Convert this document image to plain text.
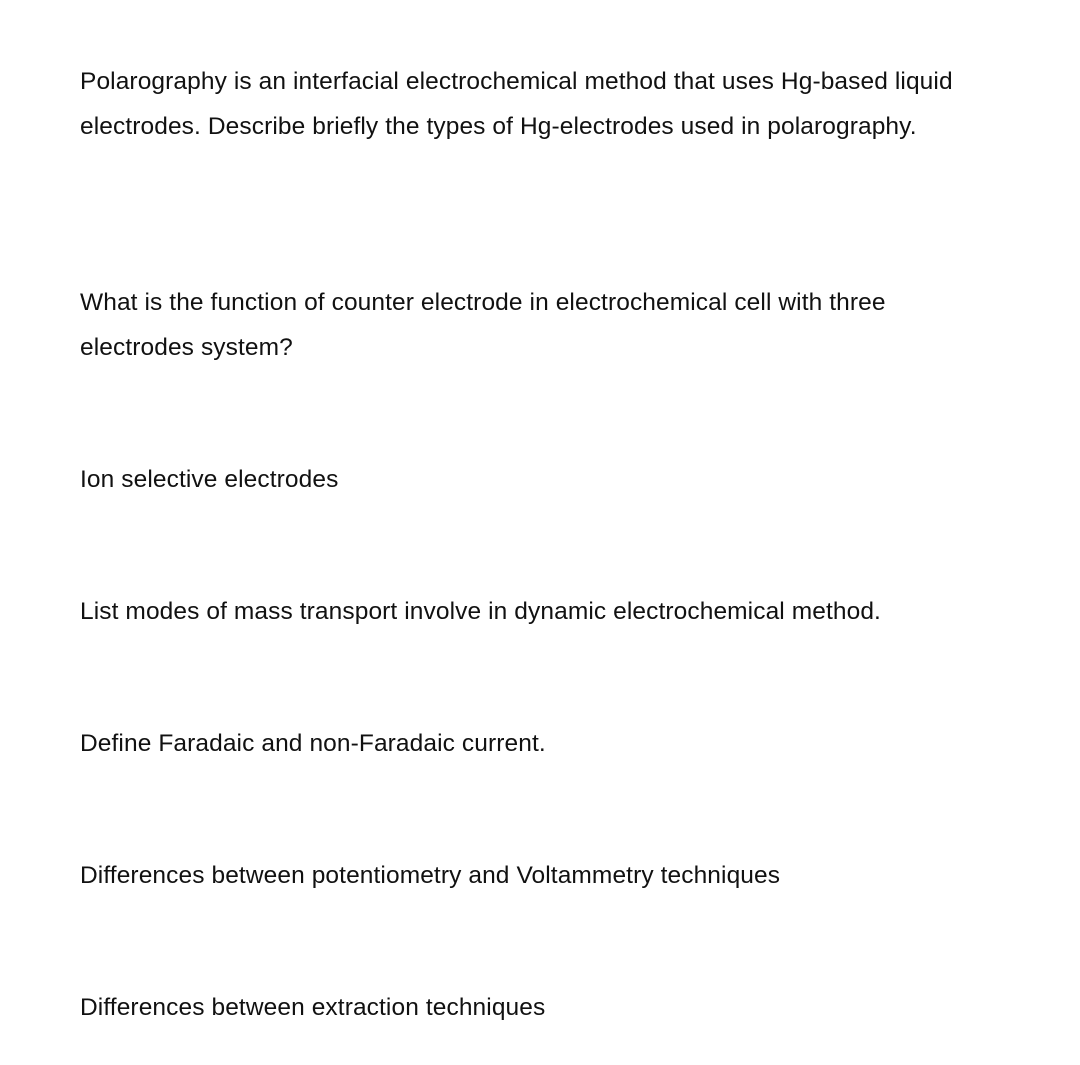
Polarography is an interfacial electrochemical method that uses Hg-based liquid electrodes. Describe briefly the types of Hg-electrodes used in polarography.

What is the function of counter electrode in electrochemical cell with three electrodes system?

Ion selective electrodes

List modes of mass transport involve in dynamic electrochemical method.

Define Faradaic and non-Faradaic current.

Differences between potentiometry and Voltammetry techniques

Differences between extraction techniques
